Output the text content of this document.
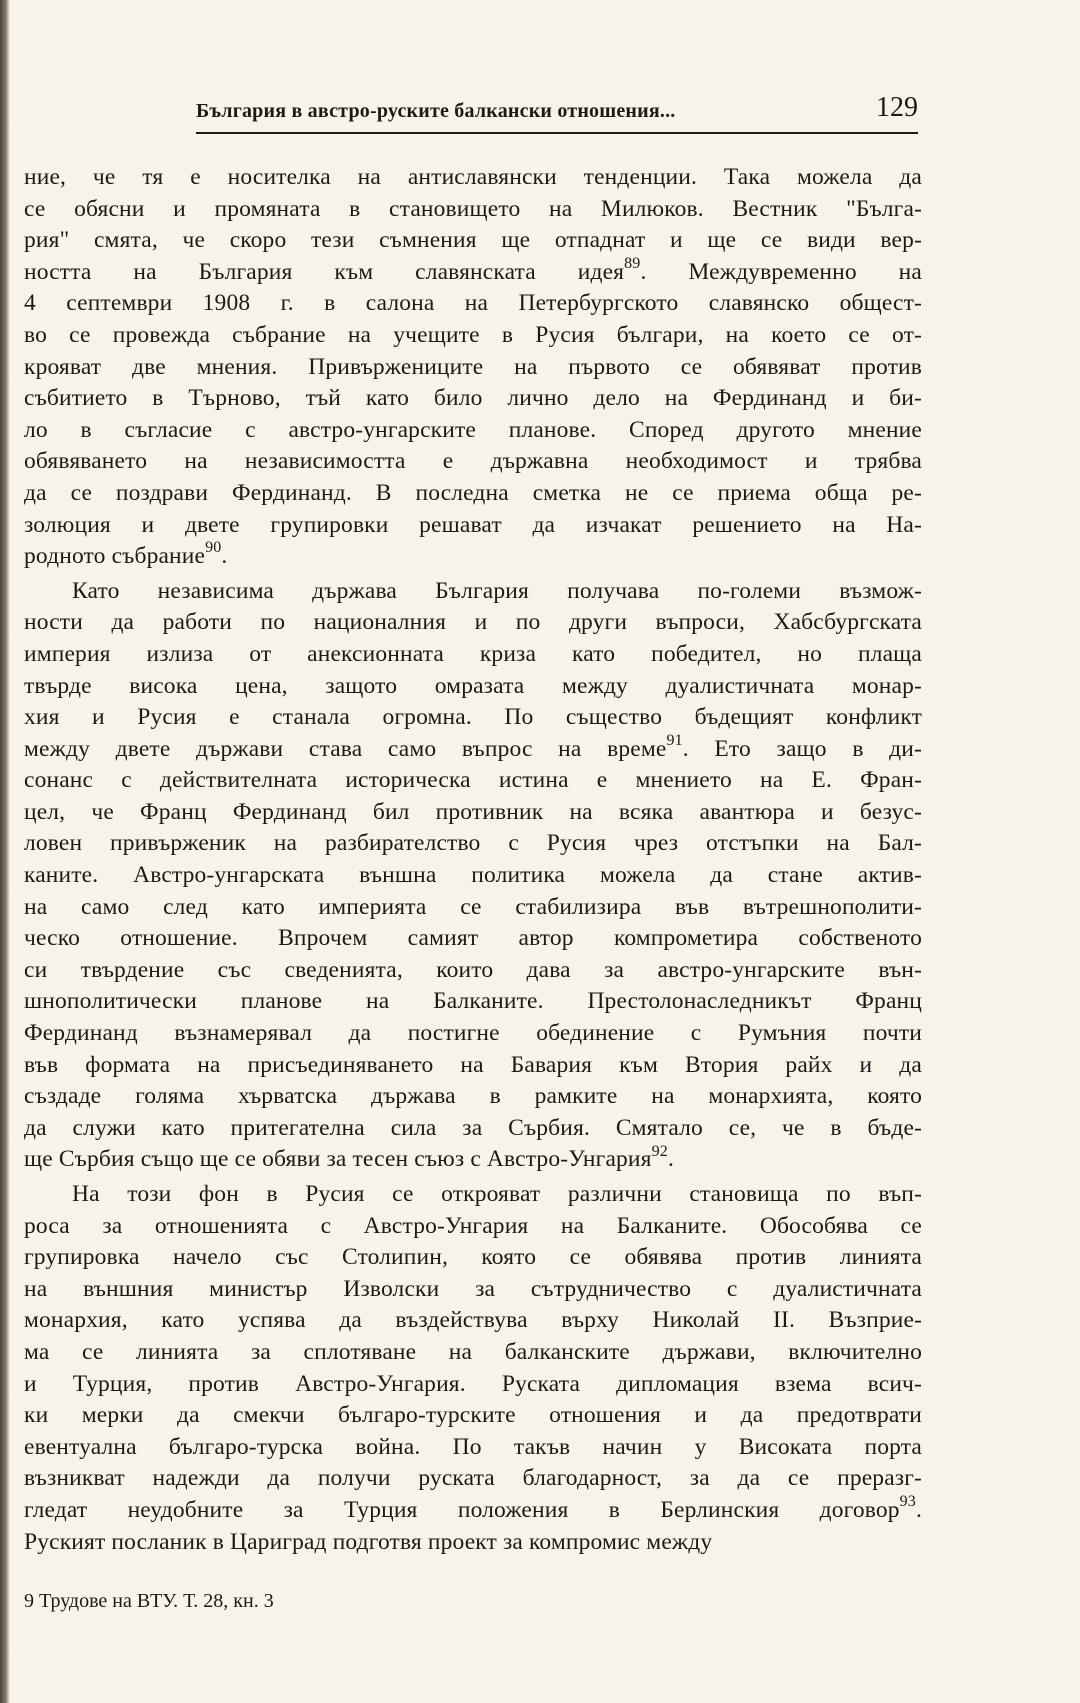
България в австро-руските балкански отношения...	129
ние, че тя е носителка на антиславянски тенденции. Така можела да
се обясни и промяната в становището на Милюков. Вестник "Бълга-
рия" смята, че скоро тези съмнения ще отпаднат и ще се види вер-
ността на България към славянската идея$^{89}$. Междувременно на
4 септември 1908 г. в салона на Петербургското славянско общест-
во се провежда събрание на учещите в Русия българи, на което се от-
крояват две мнения. Привържениците на първото се обявяват против
събитието в Търново, тъй като било лично дело на Фердинанд и би-
ло в съгласие с австро-унгарските планове. Според другото мнение
обявяването на независимостта е държавна необходимост и трябва
да се поздрави Фердинанд. В последна сметка не се приема обща ре-
золюция и двете групировки решават да изчакат решението на На-
родното събрание$^{90}$.
Като независима държава България получава по-големи възмож-
ности да работи по националния и по други въпроси, Хабсбургската
империя излиза от анексионната криза като победител, но плаща
твърде висока цена, защото омразата между дуалистичната монар-
хия и Русия е станала огромна. По същество бъдещият конфликт
между двете държави става само въпрос на време$^{91}$. Ето защо в ди-
сонанс с действителната историческа истина е мнението на Е. Фран-
цел, че Франц Фердинанд бил противник на всяка авантюра и безус-
ловен привърженик на разбирателство с Русия чрез отстъпки на Бал-
каните. Австро-унгарската външна политика можела да стане актив-
на само след като империята се стабилизира във вътрешнополити-
ческо отношение. Впрочем самият автор компрометира собственото
си твърдение със сведенията, които дава за австро-унгарските вън-
шнополитически планове на Балканите. Престолонаследникът Франц
Фердинанд възнамерявал да постигне обединение с Румъния почти
във формата на присъединяването на Бавария към Втория райх и да
създаде голяма хърватска държава в рамките на монархията, която
да служи като притегателна сила за Сърбия. Смятало се, че в бъде-
ще Сърбия също ще се обяви за тесен съюз с Австро-Унгария$^{92}$.
На този фон в Русия се открояват различни становища по въп-
роса за отношенията с Австро-Унгария на Балканите. Обособява се
групировка начело със Столипин, която се обявява против линията
на външния министър Изволски за сътрудничество с дуалистичната
монархия, като успява да въздействува върху Николай II. Възприе-
ма се линията за сплотяване на балканските държави, включително
и Турция, против Австро-Унгария. Руската дипломация взема всич-
ки мерки да смекчи българо-турските отношения и да предотврати
евентуална българо-турска война. По такъв начин у Високата порта
възникват надежди да получи руската благодарност, за да се преразг-
гледат неудобните за Турция положения в Берлинския договор$^{93}$.
Руският посланик в Цариград подготвя проект за компромис между
9 Трудове на ВТУ. Т. 28, кн. 3
